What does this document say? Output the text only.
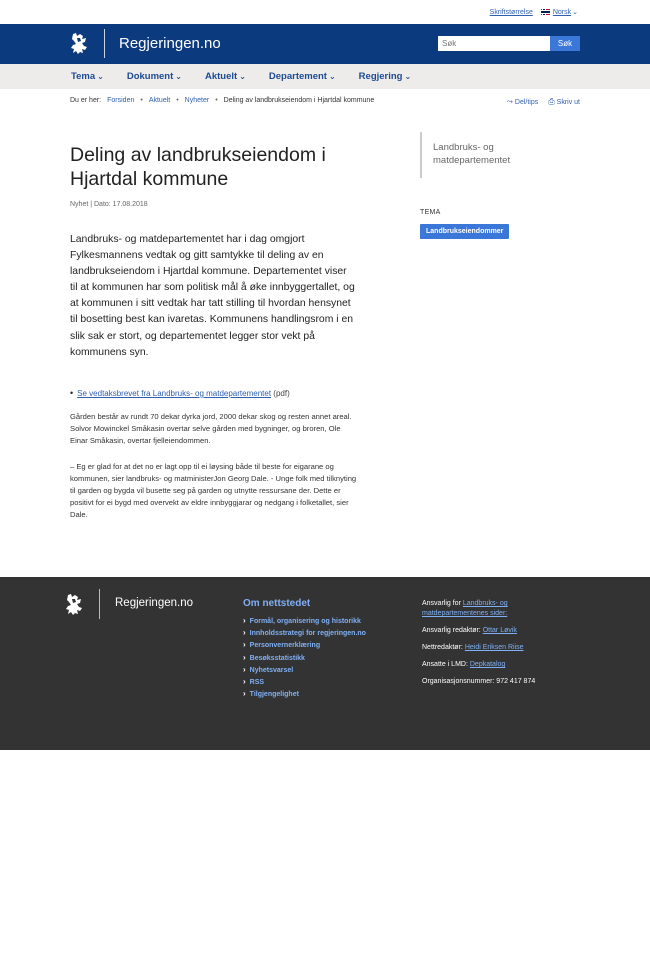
Skriftstørrelse	Norsk⌄
Regjeringen.no
Søk	Søk
Tema ⌄ Dokument ⌄ Aktuelt ⌄ Departement ⌄ Regjering ⌄
Du er her: Forsiden • Aktuelt • Nyheter • Deling av landbrukseiendom i Hjartdal kommune	⤳ Del/tips ⎙ Skriv ut
Deling av landbrukseiendom i Hjartdal kommune
Nyhet | Dato: 17.08.2018

Landbruks- og matdepartementet har i dag omgjort Fylkesmannens vedtak og gitt samtykke til deling av en landbrukseiendom i Hjartdal kommune. Departementet viser til at kommunen har som politisk mål å øke innbyggertallet, og at kommunen i sitt vedtak har tatt stilling til hvordan hensynet til bosetting best kan ivaretas. Kommunens handlingsrom i en slik sak er stort, og departementet legger stor vekt på kommunens syn.

• Se vedtaksbrevet fra Landbruks- og matdepartementet (pdf)

Gården består av rundt 70 dekar dyrka jord, 2000 dekar skog og resten annet areal. Solvor Mowinckel Småkasin overtar selve gården med bygninger, og broren, Ole Einar Småkasin, overtar fjelleiendommen.

– Eg er glad for at det no er lagt opp til ei løysing både til beste for eigarane og kommunen, sier landbruks- og matministerJon Georg Dale. - Unge folk med tilknyting til garden og bygda vil busette seg på garden og utnytte ressursane der. Dette er positivt for ei bygd med overvekt av eldre innbyggjarar og nedgang i folketallet, sier Dale.

Landbruks- og matdepartementet
TEMA
Landbrukseiendommer
Regjeringen.no	Om nettstedet
› Formål, organisering og historikk
› Innholdsstrategi for regjeringen.no
› Personvernerklæring
› Besøksstatistikk
› Nyhetsvarsel
› RSS
› Tilgjengelighet

Ansvarlig for Landbruks- og matdepartementenes sider:

Ansvarlig redaktør: Ottar Løvik

Nettredaktør: Heidi Eriksen Riise

Ansatte i LMD: Depkatalog

Organisasjonsnummer: 972 417 874
